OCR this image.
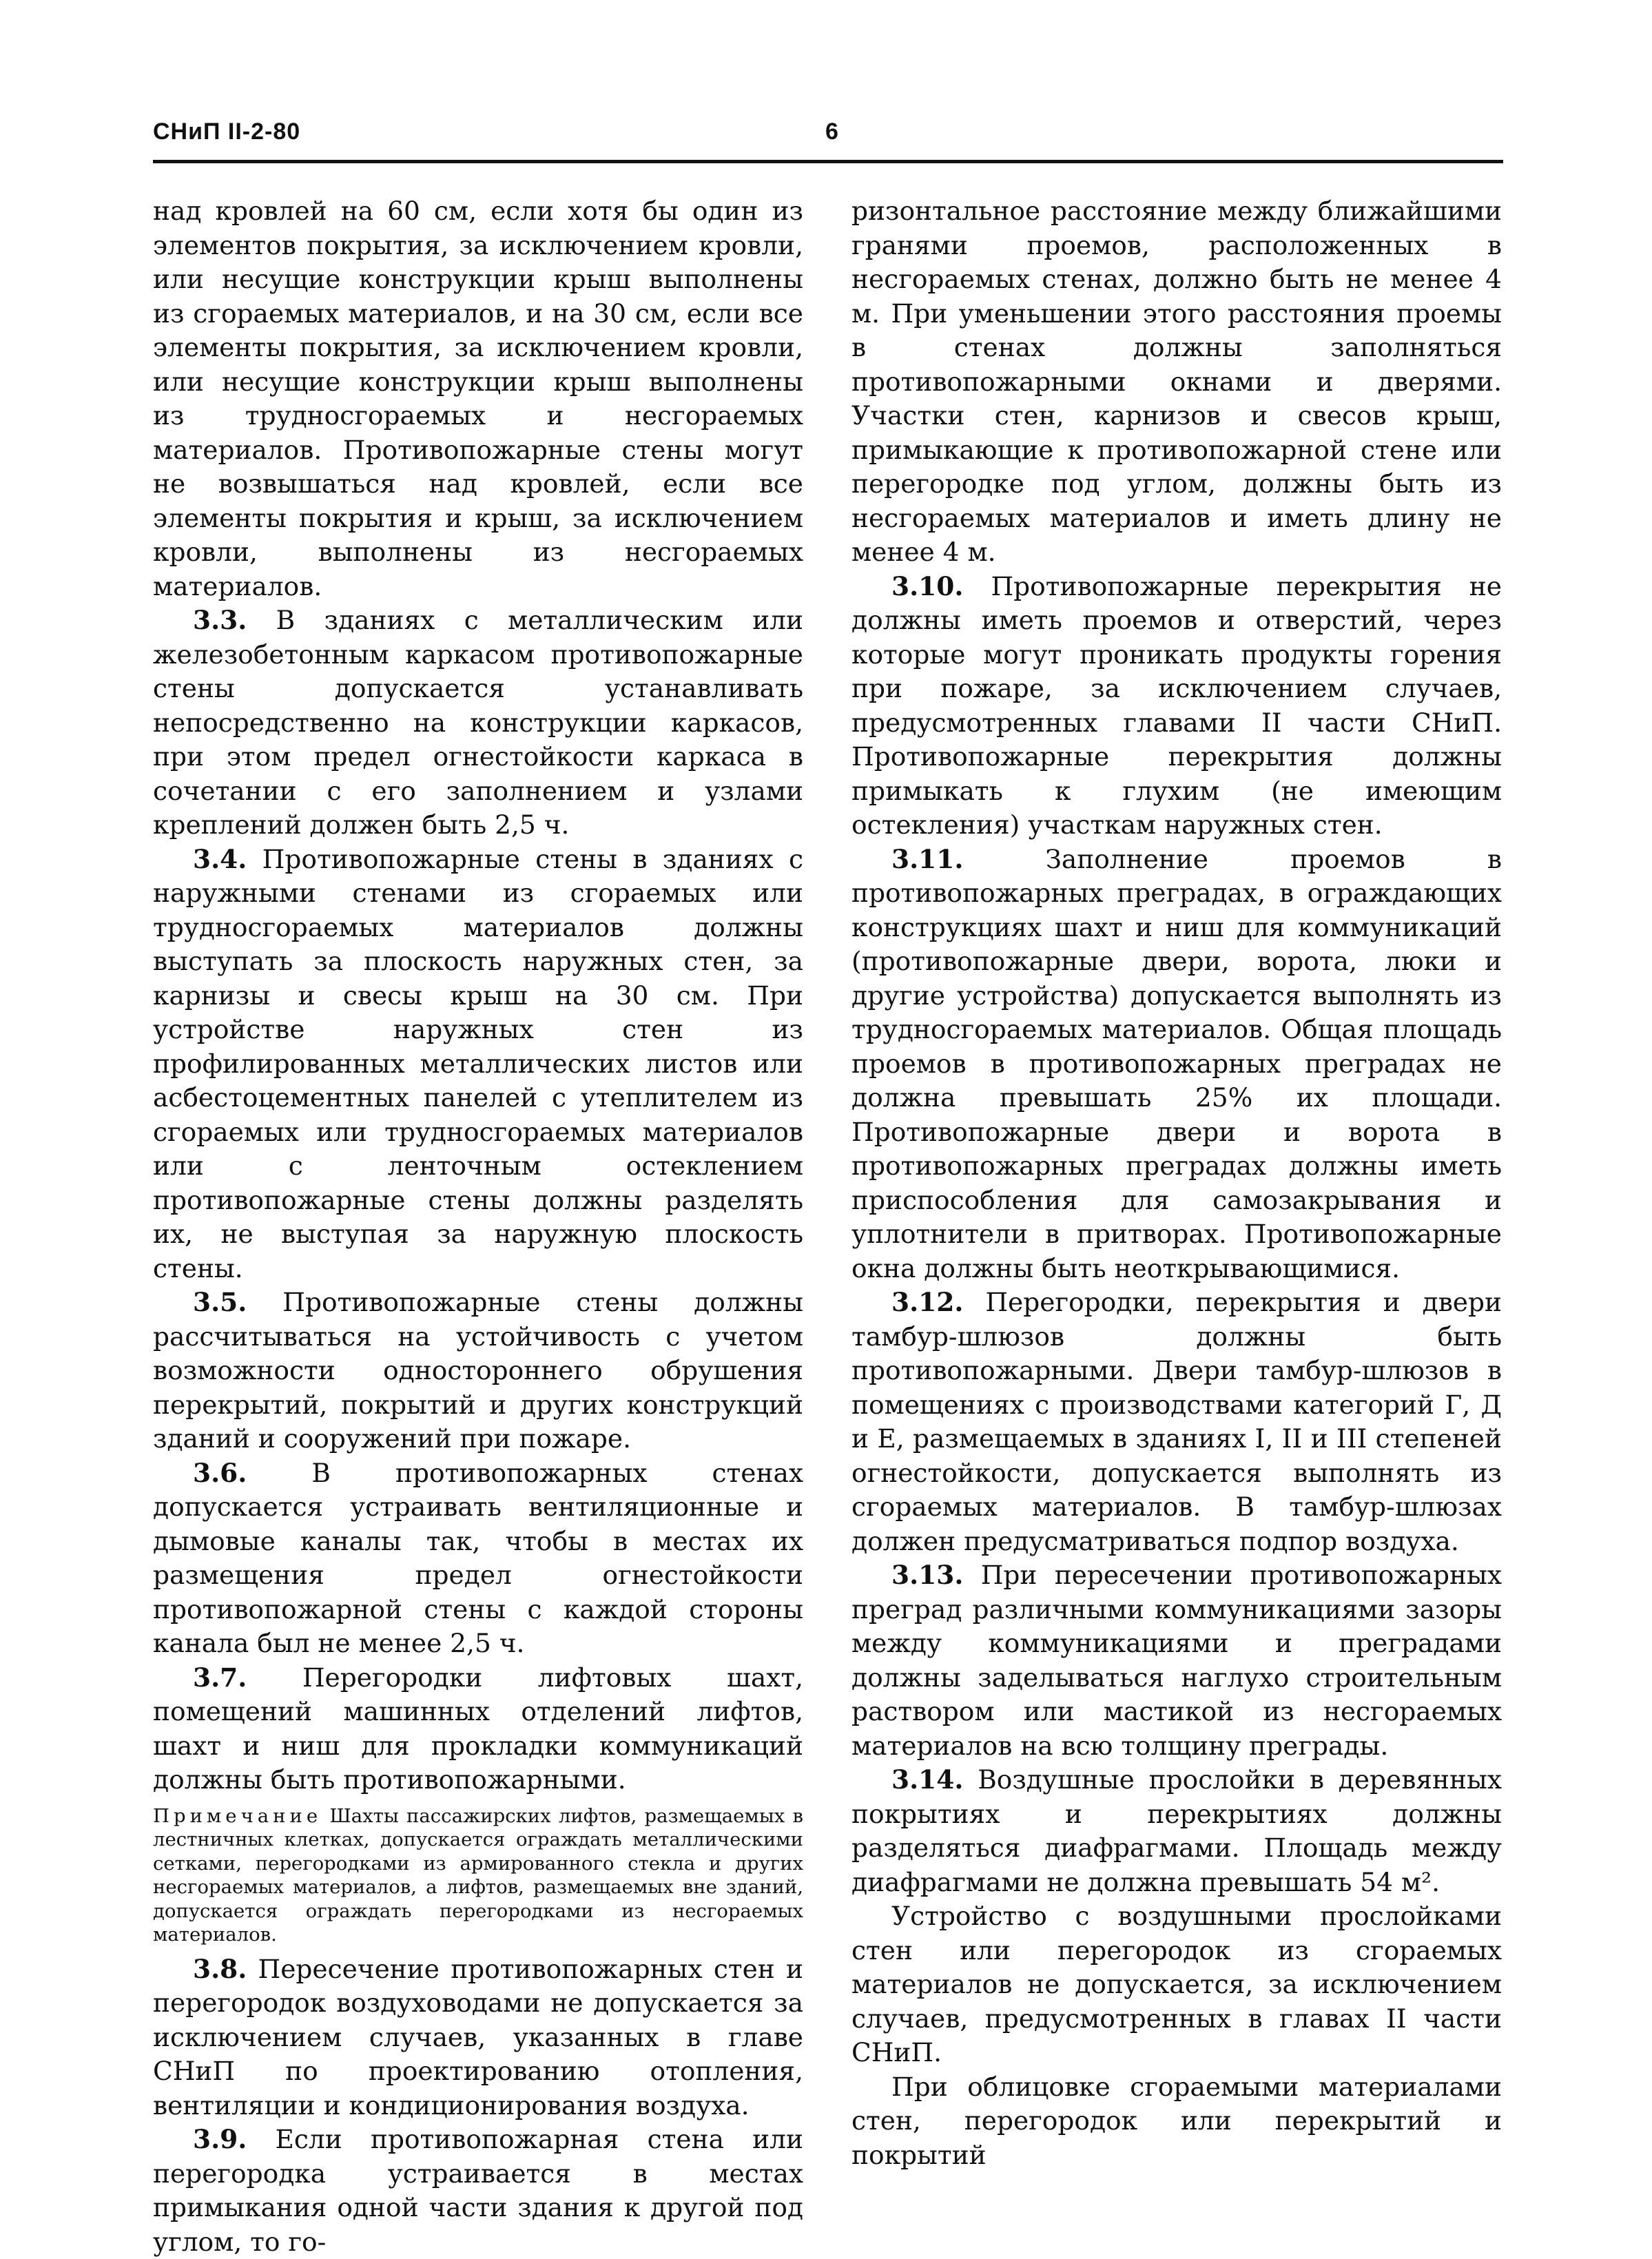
СНиП II-2-80	6

над кровлей на 60 см, если хотя бы один из элементов покрытия, за исключением кровли, или несущие конструкции крыш выполнены из сгораемых материалов, и на 30 см, если все элементы покрытия, за исключением кровли, или несущие конструкции крыш выполнены из трудносгораемых и несгораемых материалов. Противопожарные стены могут не возвышаться над кровлей, если все элементы покрытия и крыш, за исключением кровли, выполнены из несгораемых материалов.

3.3. В зданиях с металлическим или железобетонным каркасом противопожарные стены допускается устанавливать непосредственно на конструкции каркасов, при этом предел огнестойкости каркаса в сочетании с его заполнением и узлами креплений должен быть 2,5 ч.

3.4. Противопожарные стены в зданиях с наружными стенами из сгораемых или трудносгораемых материалов должны выступать за плоскость наружных стен, за карнизы и свесы крыш на 30 см. При устройстве наружных стен из профилированных металлических листов или асбестоцементных панелей с утеплителем из сгораемых или трудносгораемых материалов или с ленточным остеклением противопожарные стены должны разделять их, не выступая за наружную плоскость стены.

3.5. Противопожарные стены должны рассчитываться на устойчивость с учетом возможности одностороннего обрушения перекрытий, покрытий и других конструкций зданий и сооружений при пожаре.

3.6. В противопожарных стенах допускается устраивать вентиляционные и дымовые каналы так, чтобы в местах их размещения предел огнестойкости противопожарной стены с каждой стороны канала был не менее 2,5 ч.

3.7. Перегородки лифтовых шахт, помещений машинных отделений лифтов, шахт и ниш для прокладки коммуникаций должны быть противопожарными.

Примечание Шахты пассажирских лифтов, размещаемых в лестничных клетках, допускается ограждать металлическими сетками, перегородками из армированного стекла и других несгораемых материалов, а лифтов, размещаемых вне зданий, допускается ограждать перегородками из несгораемых материалов.

3.8. Пересечение противопожарных стен и перегородок воздуховодами не допускается за исключением случаев, указанных в главе СНиП по проектированию отопления, вентиляции и кондиционирования воздуха.

3.9. Если противопожарная стена или перегородка устраивается в местах примыкания одной части здания к другой под углом, то го-

ризонтальное расстояние между ближайшими гранями проемов, расположенных в несгораемых стенах, должно быть не менее 4 м. При уменьшении этого расстояния проемы в стенах должны заполняться противопожарными окнами и дверями. Участки стен, карнизов и свесов крыш, примыкающие к противопожарной стене или перегородке под углом, должны быть из несгораемых материалов и иметь длину не менее 4 м.

3.10. Противопожарные перекрытия не должны иметь проемов и отверстий, через которые могут проникать продукты горения при пожаре, за исключением случаев, предусмотренных главами II части СНиП. Противопожарные перекрытия должны примыкать к глухим (не имеющим остекления) участкам наружных стен.

3.11. Заполнение проемов в противопожарных преградах, в ограждающих конструкциях шахт и ниш для коммуникаций (противопожарные двери, ворота, люки и другие устройства) допускается выполнять из трудносгораемых материалов. Общая площадь проемов в противопожарных преградах не должна превышать 25% их площади. Противопожарные двери и ворота в противопожарных преградах должны иметь приспособления для самозакрывания и уплотнители в притворах. Противопожарные окна должны быть неоткрывающимися.

3.12. Перегородки, перекрытия и двери тамбур-шлюзов должны быть противопожарными. Двери тамбур-шлюзов в помещениях с производствами категорий Г, Д и Е, размещаемых в зданиях I, II и III степеней огнестойкости, допускается выполнять из сгораемых материалов. В тамбур-шлюзах должен предусматриваться подпор воздуха.

3.13. При пересечении противопожарных преград различными коммуникациями зазоры между коммуникациями и преградами должны заделываться наглухо строительным раствором или мастикой из несгораемых материалов на всю толщину преграды.

3.14. Воздушные прослойки в деревянных покрытиях и перекрытиях должны разделяться диафрагмами. Площадь между диафрагмами не должна превышать 54 м².

Устройство с воздушными прослойками стен или перегородок из сгораемых материалов не допускается, за исключением случаев, предусмотренных в главах II части СНиП.

При облицовке сгораемыми материалами стен, перегородок или перекрытий и покрытий
